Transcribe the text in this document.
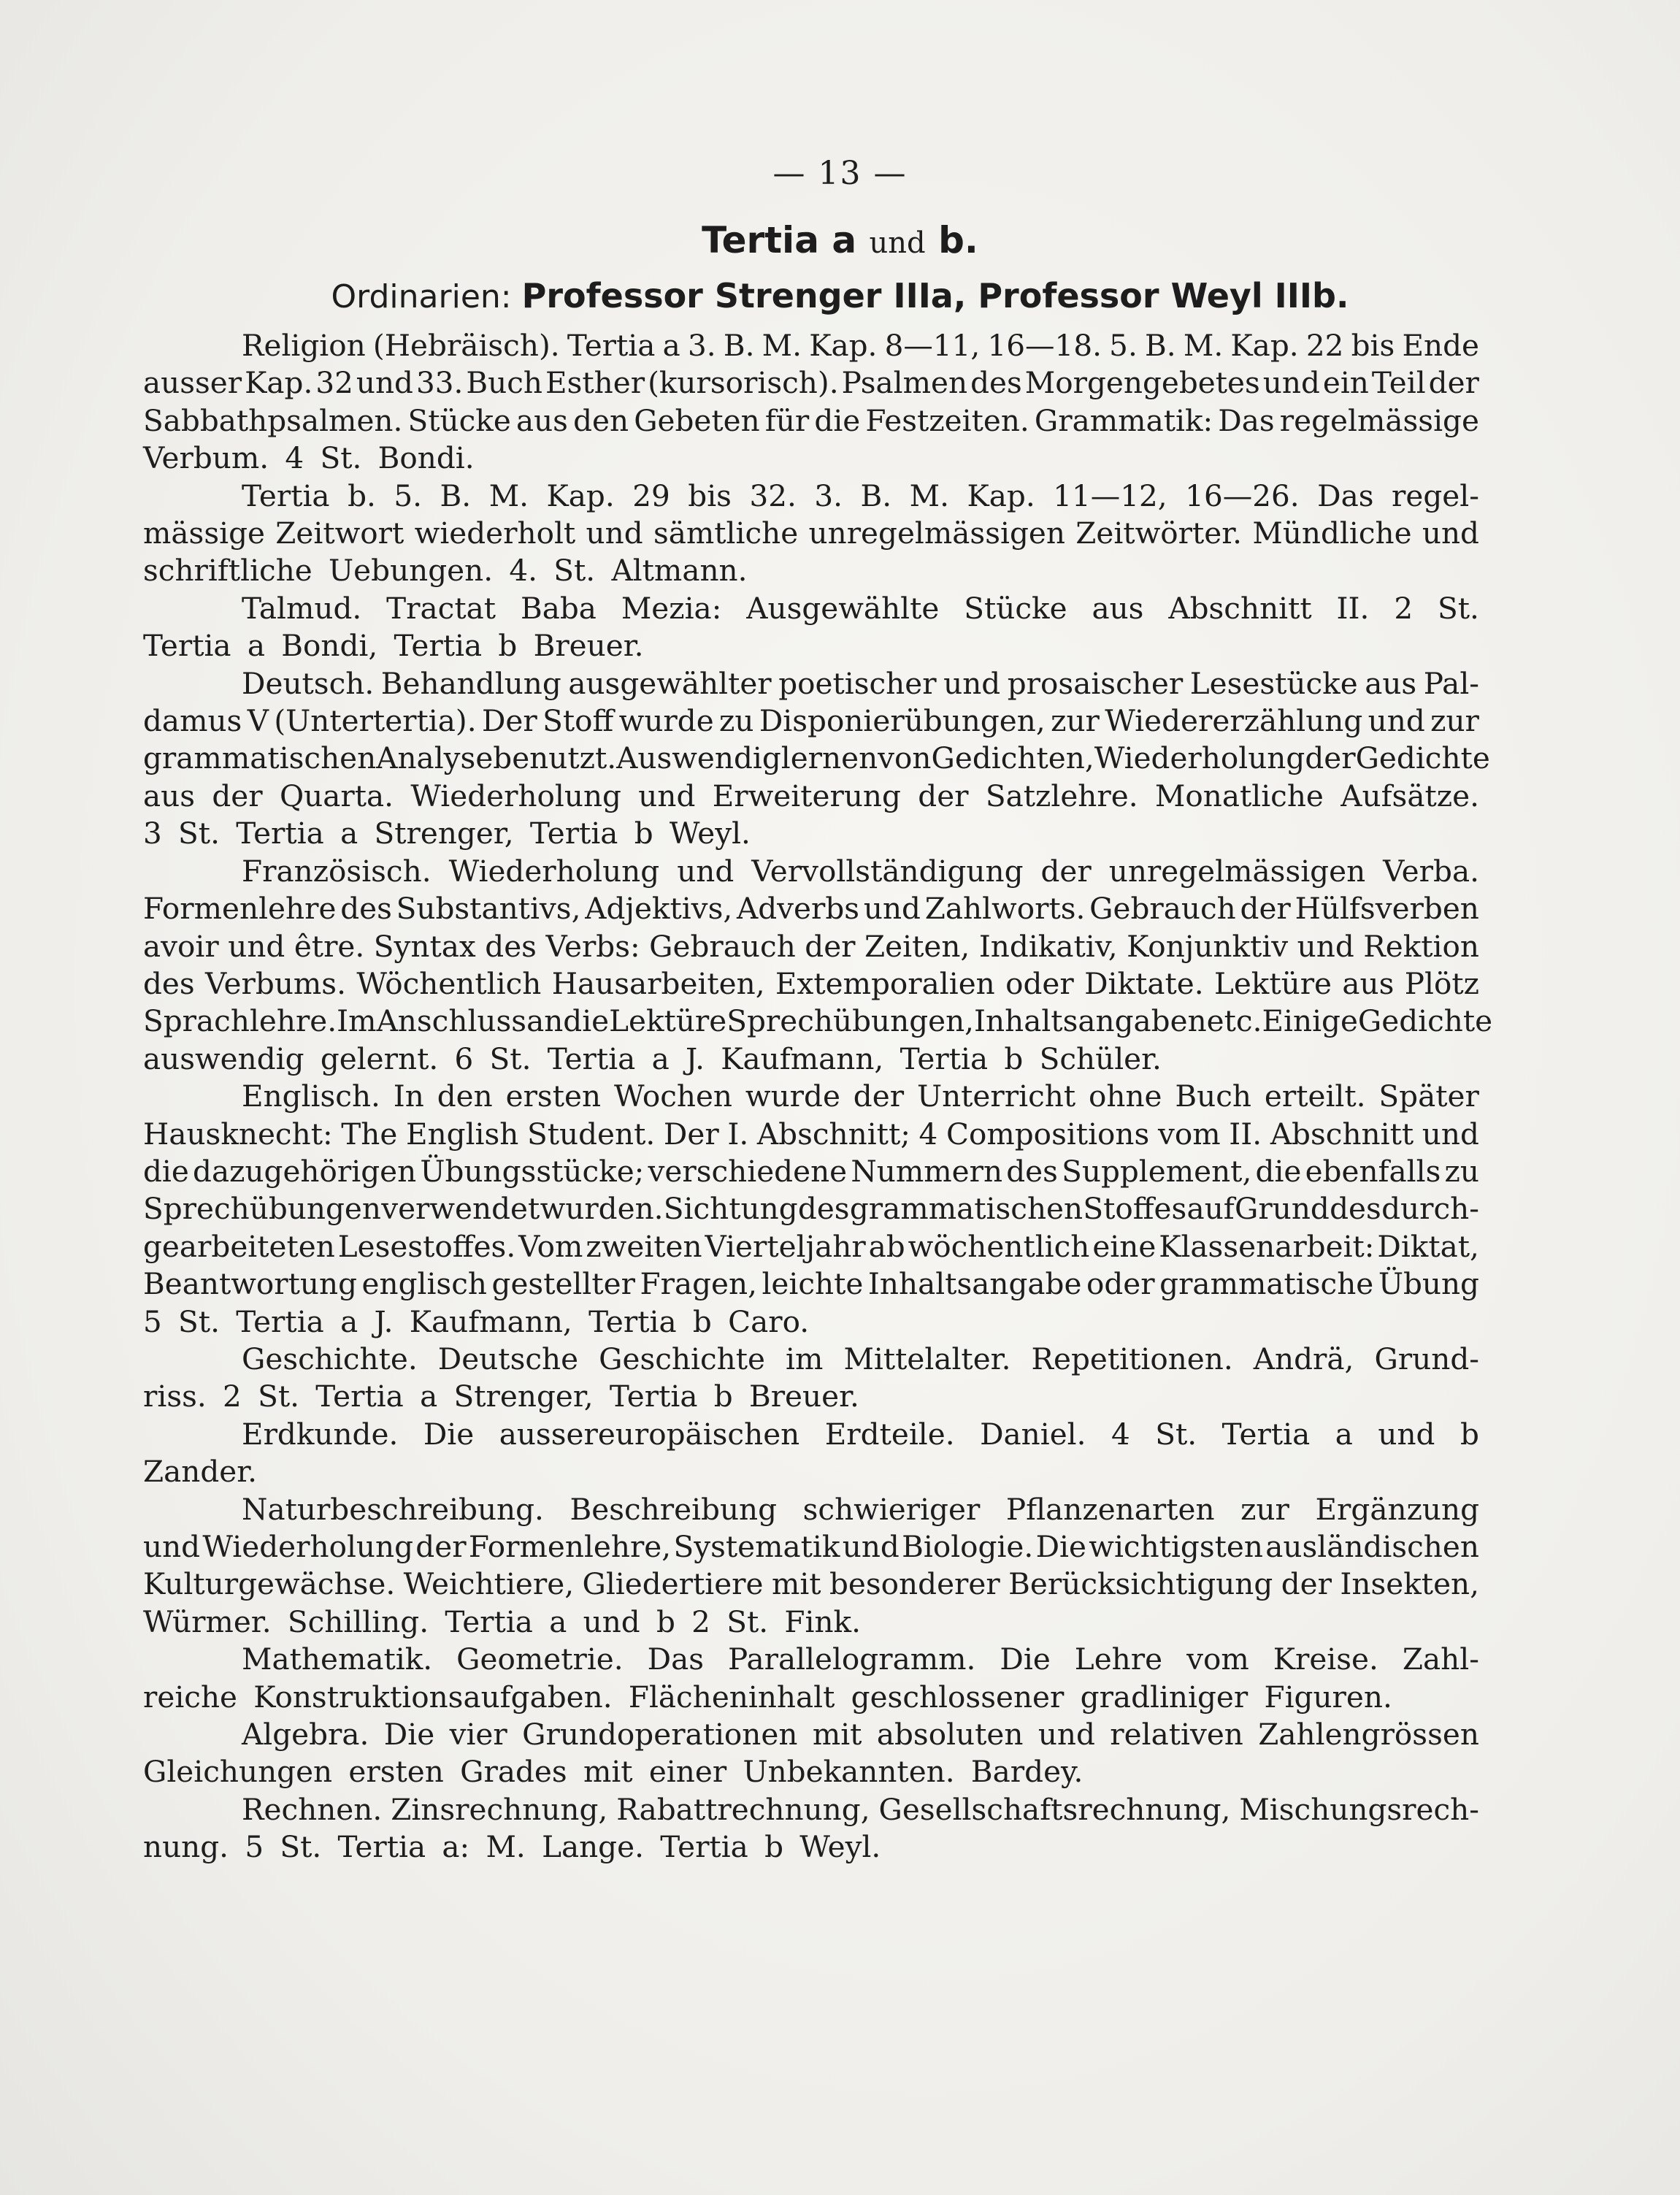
— 13 —
Tertia a und b.
Ordinarien: Professor Strenger IIIa, Professor Weyl IIIb.
Religion (Hebräisch). Tertia a 3. B. M. Kap. 8—11, 16—18. 5. B. M. Kap. 22 bis Ende
ausser Kap. 32 und 33. Buch Esther (kursorisch). Psalmen des Morgengebetes und ein Teil der
Sabbathpsalmen. Stücke aus den Gebeten für die Festzeiten. Grammatik: Das regelmässige
Verbum. 4 St. Bondi.
Tertia b. 5. B. M. Kap. 29 bis 32. 3. B. M. Kap. 11—12, 16—26. Das regel-
mässige Zeitwort wiederholt und sämtliche unregelmässigen Zeitwörter. Mündliche und
schriftliche Uebungen. 4. St. Altmann.
Talmud. Tractat Baba Mezia: Ausgewählte Stücke aus Abschnitt II. 2 St.
Tertia a Bondi, Tertia b Breuer.
Deutsch. Behandlung ausgewählter poetischer und prosaischer Lesestücke aus Pal-
damus V (Untertertia). Der Stoff wurde zu Disponierübungen, zur Wiedererzählung und zur
grammatischen Analyse benutzt. Auswendiglernen von Gedichten, Wiederholung der Gedichte
aus der Quarta. Wiederholung und Erweiterung der Satzlehre. Monatliche Aufsätze.
3 St. Tertia a Strenger, Tertia b Weyl.
Französisch. Wiederholung und Vervollständigung der unregelmässigen Verba.
Formenlehre des Substantivs, Adjektivs, Adverbs und Zahlworts. Gebrauch der Hülfsverben
avoir und être. Syntax des Verbs: Gebrauch der Zeiten, Indikativ, Konjunktiv und Rektion
des Verbums. Wöchentlich Hausarbeiten, Extemporalien oder Diktate. Lektüre aus Plötz
Sprachlehre. Im Anschluss an die Lektüre Sprechübungen, Inhaltsangaben etc. Einige Gedichte
auswendig gelernt. 6 St. Tertia a J. Kaufmann, Tertia b Schüler.
Englisch. In den ersten Wochen wurde der Unterricht ohne Buch erteilt. Später
Hausknecht: The English Student. Der I. Abschnitt; 4 Compositions vom II. Abschnitt und
die dazugehörigen Übungsstücke; verschiedene Nummern des Supplement, die ebenfalls zu
Sprechübungen verwendet wurden. Sichtung des grammatischen Stoffes auf Grund des durch-
gearbeiteten Lesestoffes. Vom zweiten Vierteljahr ab wöchentlich eine Klassenarbeit: Diktat,
Beantwortung englisch gestellter Fragen, leichte Inhaltsangabe oder grammatische Übung
5 St. Tertia a J. Kaufmann, Tertia b Caro.
Geschichte. Deutsche Geschichte im Mittelalter. Repetitionen. Andrä, Grund-
riss. 2 St. Tertia a Strenger, Tertia b Breuer.
Erdkunde. Die aussereuropäischen Erdteile. Daniel. 4 St. Tertia a und b
Zander.
Naturbeschreibung. Beschreibung schwieriger Pflanzenarten zur Ergänzung
und Wiederholung der Formenlehre, Systematik und Biologie. Die wichtigsten ausländischen
Kulturgewächse. Weichtiere, Gliedertiere mit besonderer Berücksichtigung der Insekten,
Würmer. Schilling. Tertia a und b 2 St. Fink.
Mathematik. Geometrie. Das Parallelogramm. Die Lehre vom Kreise. Zahl-
reiche Konstruktionsaufgaben. Flächeninhalt geschlossener gradliniger Figuren.
Algebra. Die vier Grundoperationen mit absoluten und relativen Zahlengrössen
Gleichungen ersten Grades mit einer Unbekannten. Bardey.
Rechnen. Zinsrechnung, Rabattrechnung, Gesellschaftsrechnung, Mischungsrech-
nung. 5 St. Tertia a: M. Lange. Tertia b Weyl.
